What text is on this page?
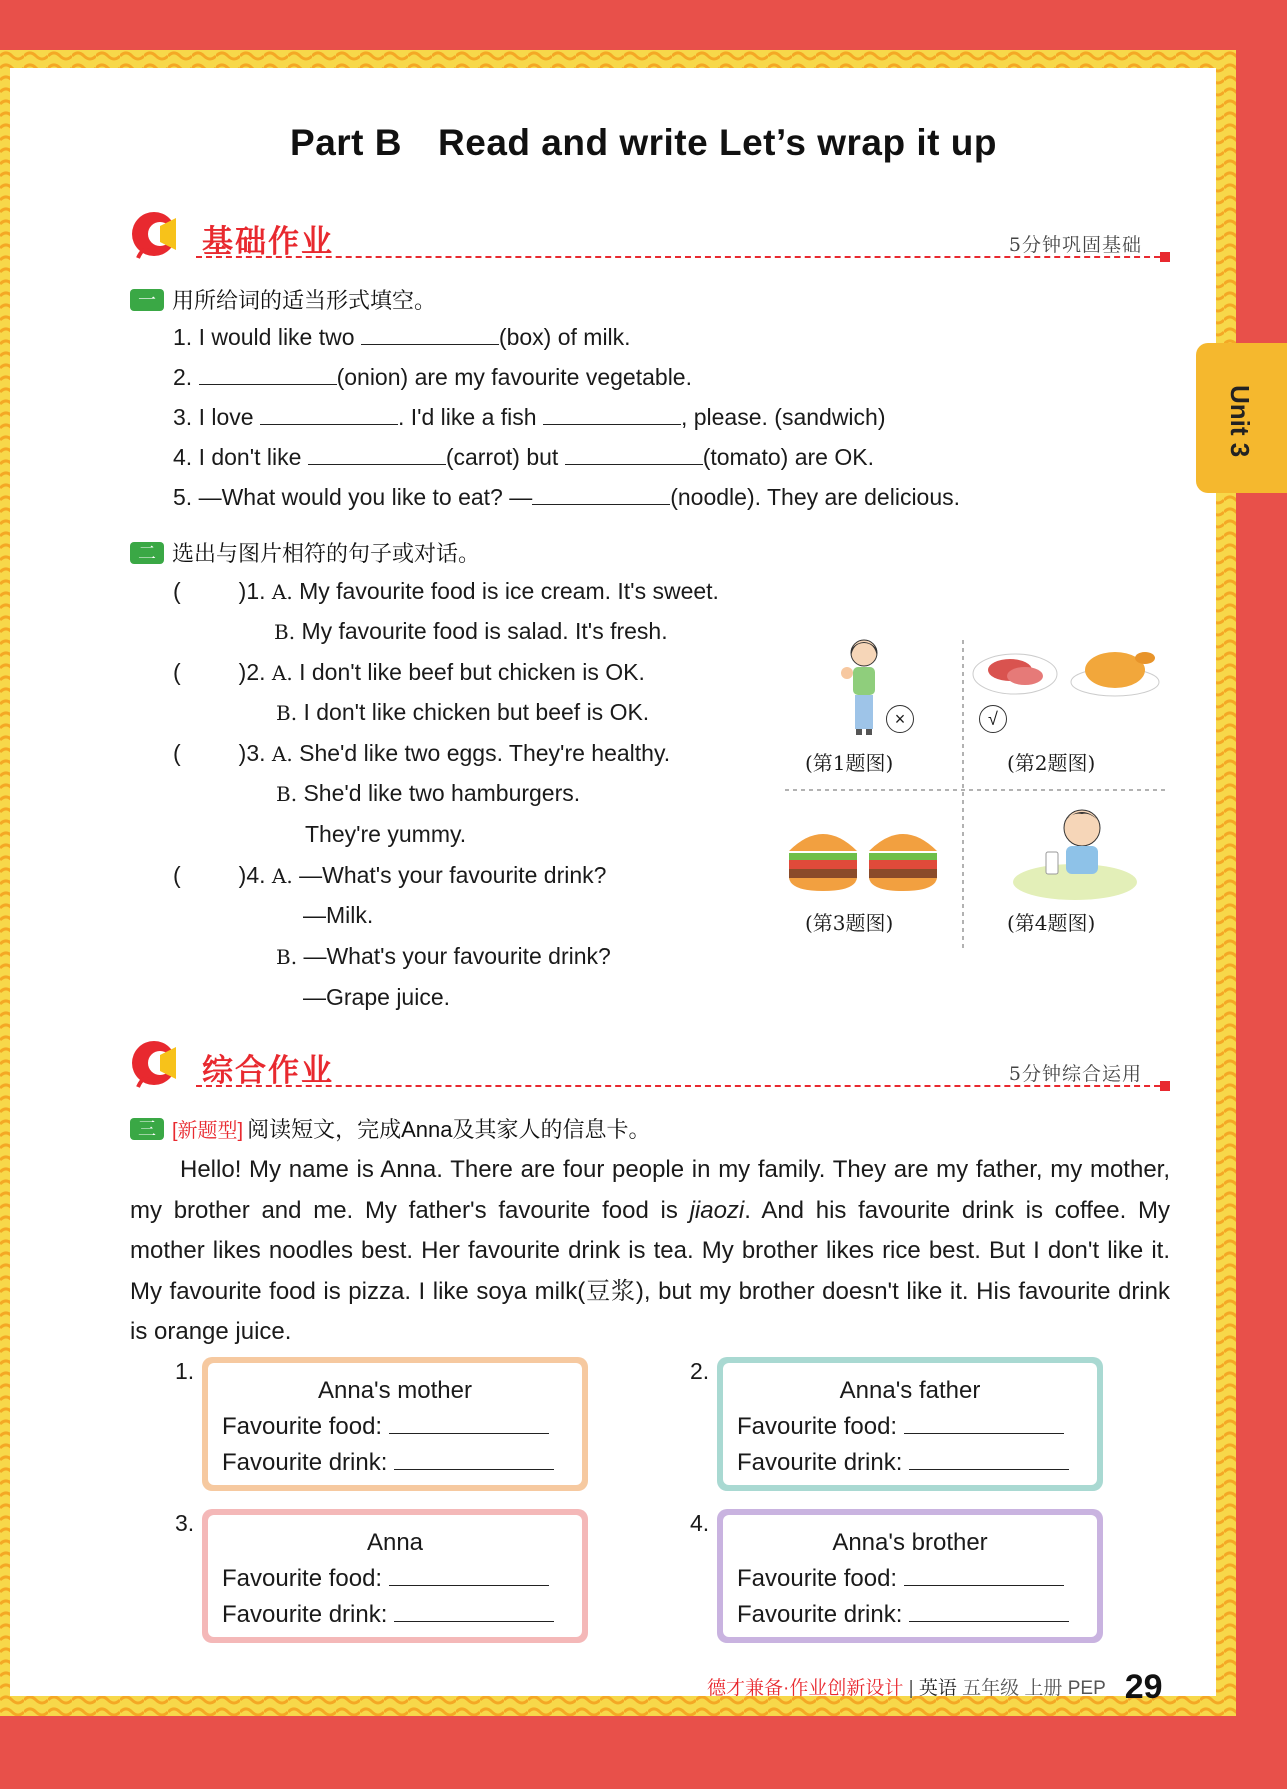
Unit 3
Part B Read and write Let’s wrap it up
基础作业	5分钟巩固基础
一 用所给词的适当形式填空。
1. I would like two	(box) of milk.
2.	(onion) are my favourite vegetable.
3. I love	. I'd like a fish	, please. (sandwich)
4. I don't like	(carrot) but	(tomato) are OK.
5. —What would you like to eat? —	(noodle). They are delicious.
二 选出与图片相符的句子或对话。
(	)1. A. My favourite food is ice cream. It's sweet.
B. My favourite food is salad. It's fresh.
(	)2. A. I don't like beef but chicken is OK.
B. I don't like chicken but beef is OK.
(	)3. A. She'd like two eggs. They're healthy.
B. She'd like two hamburgers.
They're yummy.
(	)4. A. —What's your favourite drink?
—Milk.
B. —What's your favourite drink?
—Grape juice.
(第1题图)
×	√
(第2题图)
(第3题图)	(第4题图)
综合作业	5分钟综合运用
三 [新题型] 阅读短文，完成Anna及其家人的信息卡。
Hello! My name is Anna. There are four people in my family. They are my father, my mother, my brother and me. My father's favourite food is jiaozi. And his favourite drink is coffee. My mother likes noodles best. Her favourite drink is tea. My brother likes rice best. But I don't like it. My favourite food is pizza. I like soya milk(豆浆), but my brother doesn't like it. His favourite drink is orange juice.
1.
Anna's mother
Favourite food:
Favourite drink:
2.
Anna's father
Favourite food:
Favourite drink:
3.
Anna
Favourite food:
Favourite drink:
4.
Anna's brother
Favourite food:
Favourite drink:
德才兼备·作业创新设计 | 英语 五年级 上册 PEP 29
